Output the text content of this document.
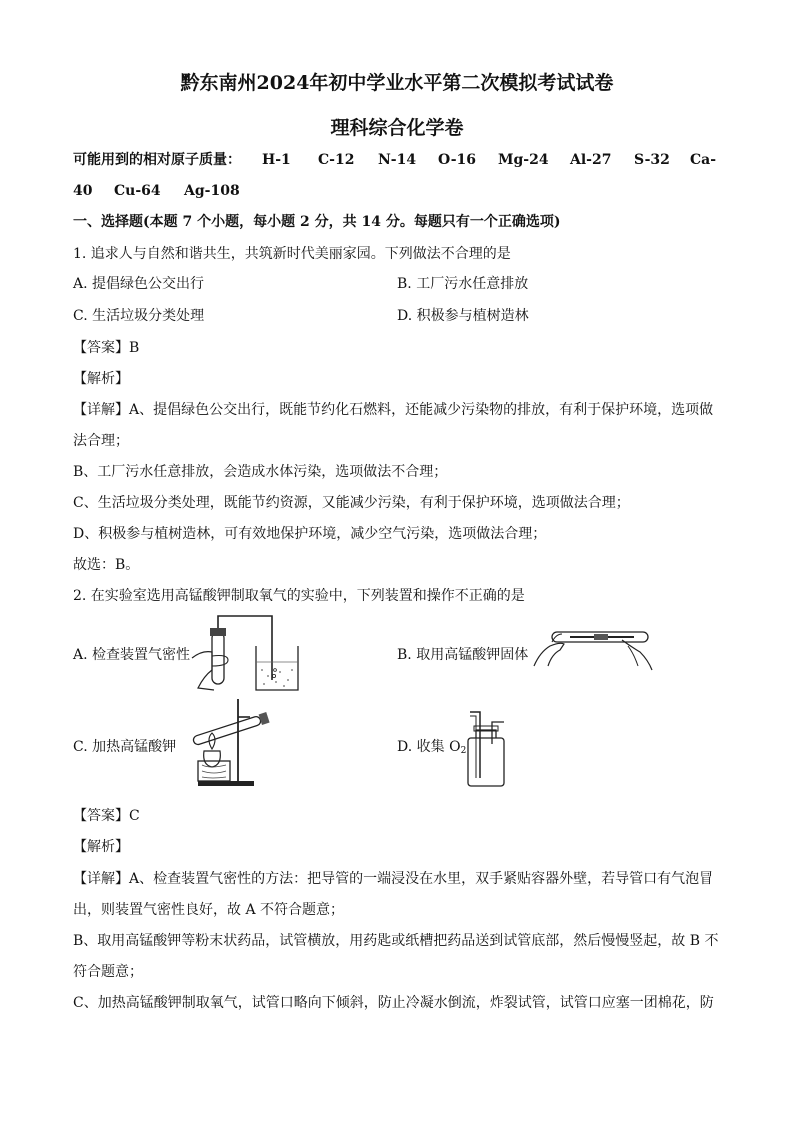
黔东南州2024年初中学业水平第二次模拟考试试卷
理科综合化学卷
可能用到的相对原子质量： H-1 C-12 N-14 O-16 Mg-24 Al-27 S-32 Ca-
40 Cu-64 Ag-108
一、选择题(本题 7 个小题，每小题 2 分，共 14 分。每题只有一个正确选项)
1. 追求人与自然和谐共生，共筑新时代美丽家园。下列做法不合理的是
A. 提倡绿色公交出行	B. 工厂污水任意排放
C. 生活垃圾分类处理	D. 积极参与植树造林
【答案】B
【解析】
【详解】A、提倡绿色公交出行，既能节约化石燃料，还能减少污染物的排放，有利于保护环境，选项做
法合理；
B、工厂污水任意排放，会造成水体污染，选项做法不合理；
C、生活垃圾分类处理，既能节约资源，又能减少污染，有利于保护环境，选项做法合理；
D、积极参与植树造林，可有效地保护环境，减少空气污染，选项做法合理；
故选：B。
2. 在实验室选用高锰酸钾制取氧气的实验中，下列装置和操作不正确的是
A. 检查装置气密性	B. 取用高锰酸钾固体
C. 加热高锰酸钾	D. 收集 $O_2$
【答案】C
【解析】
【详解】A、检查装置气密性的方法：把导管的一端浸没在水里，双手紧贴容器外壁，若导管口有气泡冒
出，则装置气密性良好，故 A 不符合题意；
B、取用高锰酸钾等粉末状药品，试管横放，用药匙或纸槽把药品送到试管底部，然后慢慢竖起，故 B 不
符合题意；
C、加热高锰酸钾制取氧气，试管口略向下倾斜，防止冷凝水倒流，炸裂试管，试管口应塞一团棉花，防
